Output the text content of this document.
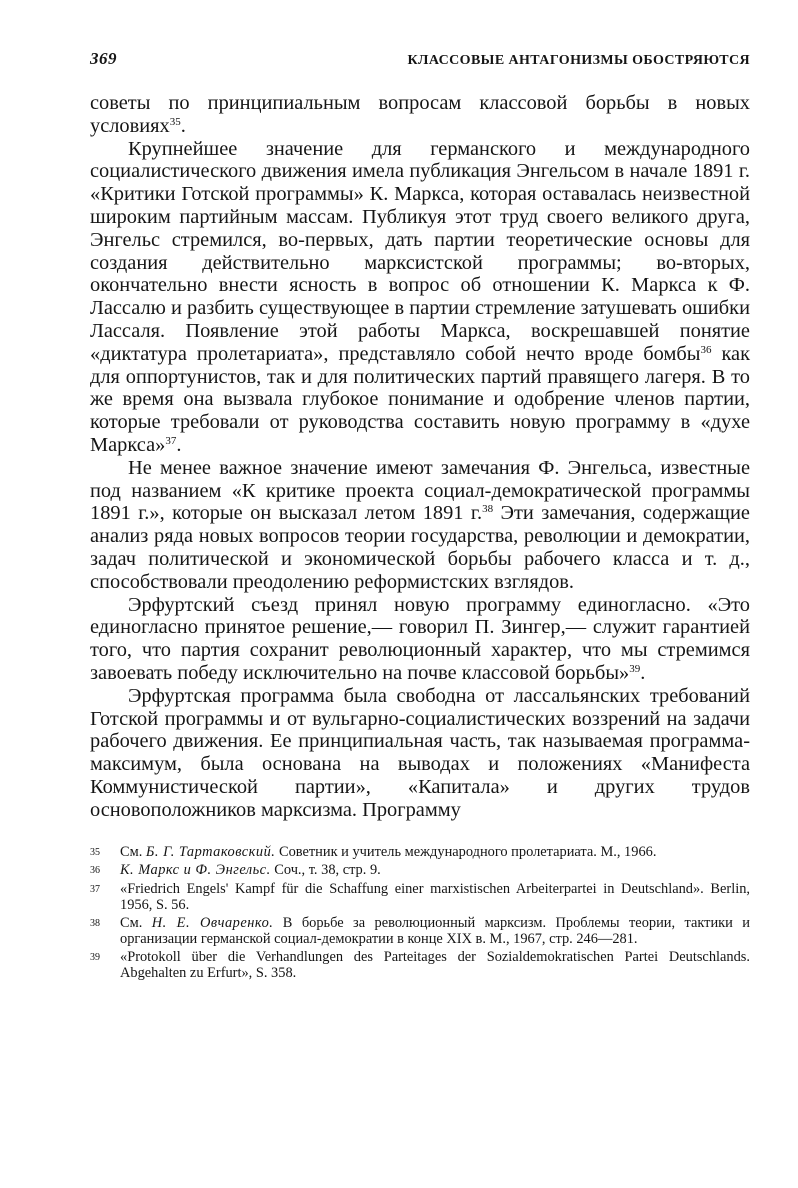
369	КЛАССОВЫЕ АНТАГОНИЗМЫ ОБОСТРЯЮТСЯ

советы по принципиальным вопросам классовой борьбы в новых условиях$^{35}$.

Крупнейшее значение для германского и международного социалистического движения имела публикация Энгельсом в начале 1891 г. «Критики Готской программы» К. Маркса, которая оставалась неизвестной широким партийным массам. Публикуя этот труд своего великого друга, Энгельс стремился, во-первых, дать партии теоретические основы для создания действительно марксистской программы; во-вторых, окончательно внести ясность в вопрос об отношении К. Маркса к Ф. Лассалю и разбить существующее в партии стремление затушевать ошибки Лассаля. Появление этой работы Маркса, воскрешавшей понятие «диктатура пролетариата», представляло собой нечто вроде бомбы$^{36}$ как для оппортунистов, так и для политических партий правящего лагеря. В то же время она вызвала глубокое понимание и одобрение членов партии, которые требовали от руководства составить новую программу в «духе Маркса»$^{37}$.

Не менее важное значение имеют замечания Ф. Энгельса, известные под названием «К критике проекта социал-демократической программы 1891 г.», которые он высказал летом 1891 г.$^{38}$ Эти замечания, содержащие анализ ряда новых вопросов теории государства, революции и демократии, задач политической и экономической борьбы рабочего класса и т. д., способствовали преодолению реформистских взглядов.

Эрфуртский съезд принял новую программу единогласно. «Это единогласно принятое решение,— говорил П. Зингер,— служит гарантией того, что партия сохранит революционный характер, что мы стремимся завоевать победу исключительно на почве классовой борьбы»$^{39}$.

Эрфуртская программа была свободна от лассальянских требований Готской программы и от вульгарно-социалистических воззрений на задачи рабочего движения. Ее принципиальная часть, так называемая программа-максимум, была основана на выводах и положениях «Манифеста Коммунистической партии», «Капитала» и других трудов основоположников марксизма. Программу

35	См. Б. Г. Тартаковский. Советник и учитель международного пролетариата. М., 1966.
36	К. Маркс и Ф. Энгельс. Соч., т. 38, стр. 9.
37	«Friedrich Engels' Kampf für die Schaffung einer marxistischen Arbeiterpartei in Deutschland». Berlin, 1956, S. 56.
38	См. Н. Е. Овчаренко. В борьбе за революционный марксизм. Проблемы теории, тактики и организации германской социал-демократии в конце XIX в. М., 1967, стр. 246—281.
39	«Protokoll über die Verhandlungen des Parteitages der Sozialdemokratischen Partei Deutschlands. Abgehalten zu Erfurt», S. 358.
